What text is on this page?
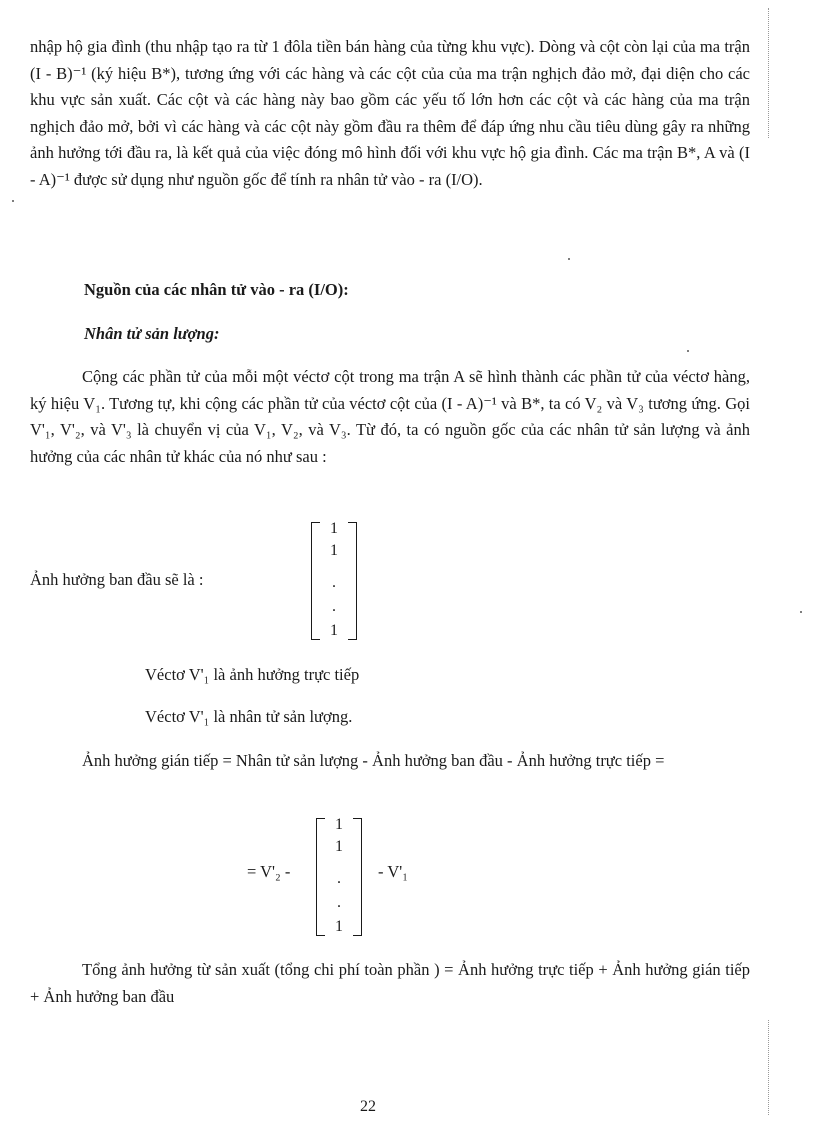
nhập hộ gia đình (thu nhập tạo ra từ 1 đôla tiền bán hàng của từng khu vực). Dòng và cột còn lại của ma trận (I - B)⁻¹ (ký hiệu B*), tương ứng với các hàng và các cột của của ma trận nghịch đảo mở, đại diện cho các khu vực sản xuất. Các cột và các hàng này bao gồm các yếu tố lớn hơn các cột và các hàng của ma trận nghịch đảo mở, bởi vì các hàng và các cột này gồm đầu ra thêm để đáp ứng nhu cầu tiêu dùng gây ra những ảnh hưởng tới đầu ra, là kết quả của việc đóng mô hình đối với khu vực hộ gia đình. Các ma trận B*, A và (I - A)⁻¹ được sử dụng như nguồn gốc để tính ra nhân tử vào - ra (I/O).

Nguồn của các nhân tử vào - ra (I/O):
Nhân tử sản lượng:

Cộng các phần tử của mỗi một véctơ cột trong ma trận A sẽ hình thành các phần tử của véctơ hàng, ký hiệu V₁. Tương tự, khi cộng các phần tử của véctơ cột của (I - A)⁻¹ và B*, ta có V₂ và V₃ tương ứng. Gọi V'₁, V'₂, và V'₃ là chuyển vị của V₁, V₂, và V₃. Từ đó, ta có nguồn gốc của các nhân tử sản lượng và ảnh hưởng của các nhân tử khác của nó như sau :

Ảnh hưởng ban đầu sẽ là :
1
1
.
.
1
Véctơ V'₁ là ảnh hưởng trực tiếp
Véctơ V'₁ là nhân tử sản lượng.

Ảnh hưởng gián tiếp = Nhân tử sản lượng - Ảnh hưởng ban đầu - Ảnh hưởng trực tiếp =

= V'₂ -
1
1
.
.
1
- V'₁

Tổng ảnh hưởng từ sản xuất (tổng chi phí toàn phần ) = Ảnh hưởng trực tiếp + Ảnh hưởng gián tiếp + Ảnh hưởng ban đầu

22
